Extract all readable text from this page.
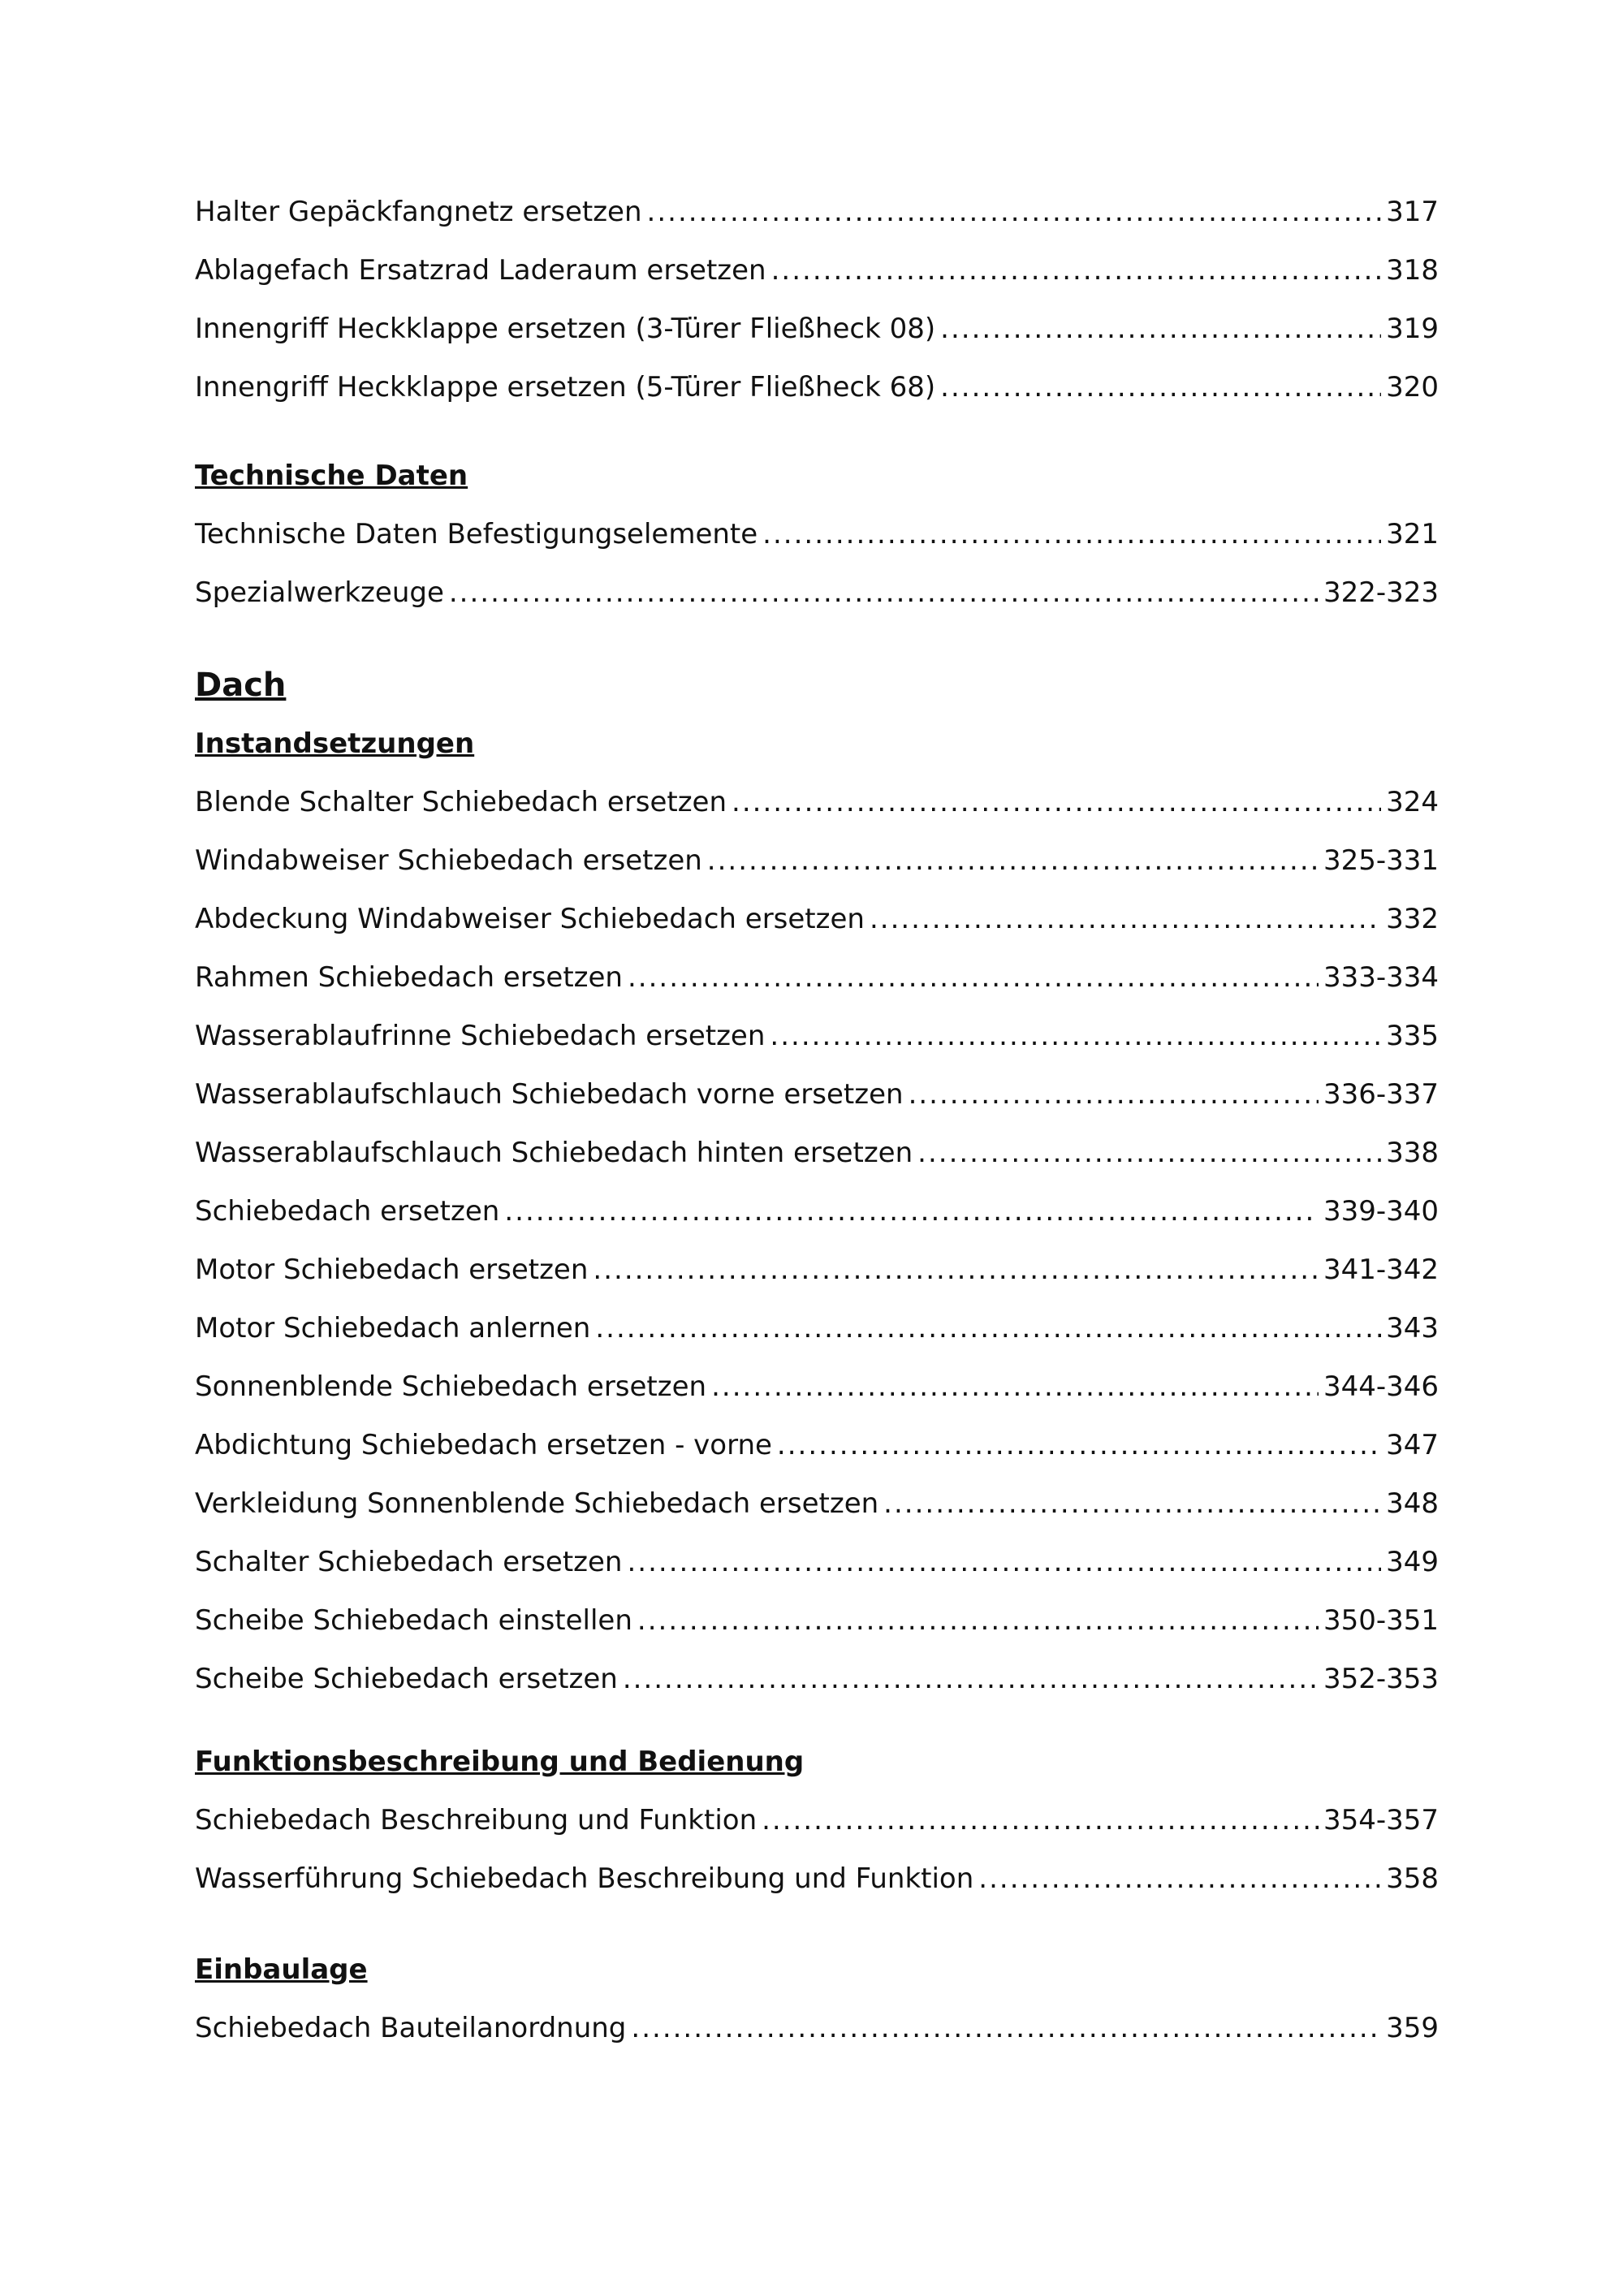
Halter Gepäckfangnetz ersetzen .....	317
Ablagefach Ersatzrad Laderaum ersetzen .....	318
Innengriff Heckklappe ersetzen (3-Türer Fließheck 08) .....	319
Innengriff Heckklappe ersetzen (5-Türer Fließheck 68) .....	320
Technische Daten
Technische Daten Befestigungselemente .....	321
Spezialwerkzeuge .....	322-323
Dach
Instandsetzungen
Blende Schalter Schiebedach ersetzen .....	324
Windabweiser Schiebedach ersetzen .....	325-331
Abdeckung Windabweiser Schiebedach ersetzen .....	332
Rahmen Schiebedach ersetzen .....	333-334
Wasserablaufrinne Schiebedach ersetzen .....	335
Wasserablaufschlauch Schiebedach vorne ersetzen .....	336-337
Wasserablaufschlauch Schiebedach hinten ersetzen .....	338
Schiebedach ersetzen .....	339-340
Motor Schiebedach ersetzen .....	341-342
Motor Schiebedach anlernen .....	343
Sonnenblende Schiebedach ersetzen .....	344-346
Abdichtung Schiebedach ersetzen - vorne .....	347
Verkleidung Sonnenblende Schiebedach ersetzen .....	348
Schalter Schiebedach ersetzen .....	349
Scheibe Schiebedach einstellen .....	350-351
Scheibe Schiebedach ersetzen .....	352-353
Funktionsbeschreibung und Bedienung
Schiebedach Beschreibung und Funktion .....	354-357
Wasserführung Schiebedach Beschreibung und Funktion .....	358
Einbaulage
Schiebedach Bauteilanordnung .....	359
